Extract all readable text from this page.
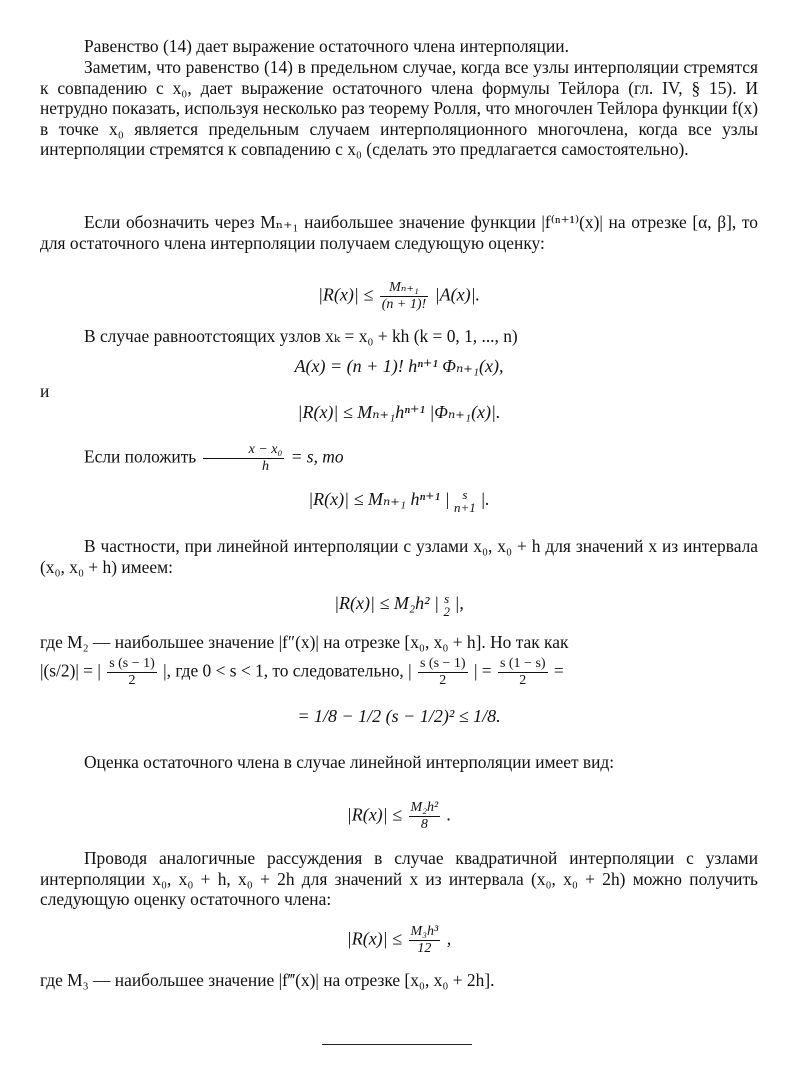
Равенство (14) дает выражение остаточного члена интерполяции.

Заметим, что равенство (14) в предельном случае, когда все узлы интерполяции стремятся к совпадению с x₀, дает выражение остаточного члена формулы Тейлора (гл. IV, § 15). И нетрудно показать, используя несколько раз теорему Ролля, что многочлен Тейлора функции f(x) в точке x₀ является предельным случаем интерполяционного многочлена, когда все узлы интерполяции стремятся к совпадению с x₀ (сделать это предлагается самостоятельно).

Если обозначить через Mₙ₊₁ наибольшее значение функции |f⁽ⁿ⁺¹⁾(x)| на отрезке [α, β], то для остаточного члена интерполяции получаем следующую оценку:

$|R(x)| \le \frac{\text{Mₙ₊₁}}{(n + 1)!} |A(x)|$.

В случае равноотстоящих узлов xₖ = x₀ + kh (k = 0, 1, ..., n)

A(x) = (n + 1)! hⁿ⁺¹ Φₙ₊₁(x),

и

|R(x)| ≤ Mₙ₊₁hⁿ⁺¹ |Φₙ₊₁(x)|.
Если положить $\frac{\text{x − x₀}}{h} = s$, то
|R(x)| ≤ Mₙ₊₁ hⁿ⁺¹ | s
n+1 |.

В частности, при линейной интерполяции с узлами x₀, x₀ + h для значений x из интервала (x₀, x₀ + h) имеем:

|R(x)| ≤ M₂h² | s
2 |,

где M₂ — наибольшее значение |f″(x)| на отрезке [x₀, x₀ + h]. Но так как

|(s/2)| = | $\frac{s (s - 1)}{2}$ |, где 0 < s < 1, то следовательно, | $\frac{s (s - 1)}{2}$ | = $\frac{s (1 - s)}{2}$ =
= 1/8 − 1/2 (s − 1/2)² ≤ 1/8.

Оценка остаточного члена в случае линейной интерполяции имеет вид:

$|R(x)| \le \frac{\text{M₂h²}}{8}$ .

Проводя аналогичные рассуждения в случае квадратичной интерполяции с узлами интерполяции x₀, x₀ + h, x₀ + 2h для значений x из интервала (x₀, x₀ + 2h) можно получить следующую оценку остаточного члена:

$|R(x)| \le \frac{\text{M₃h³}}{12}$ ,

где M₃ — наибольшее значение |f‴(x)| на отрезке [x₀, x₀ + 2h].
